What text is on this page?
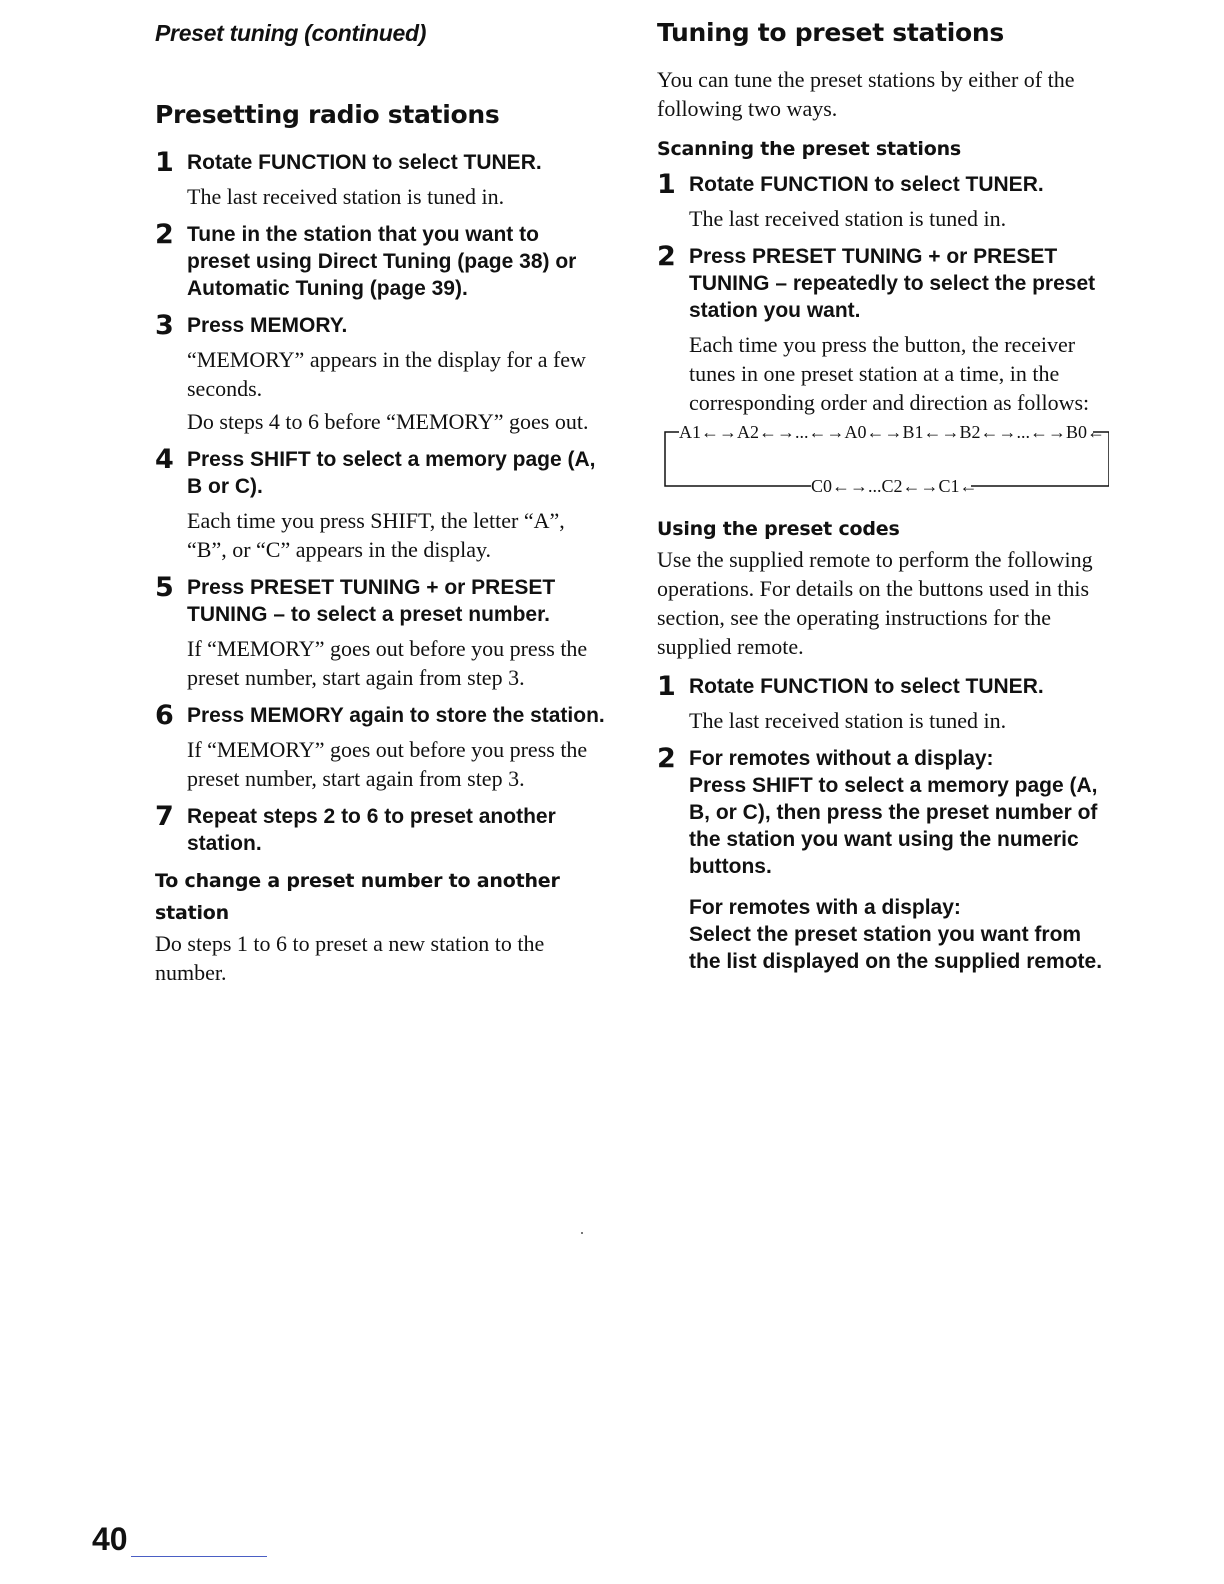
Preset tuning (continued)
Presetting radio stations
1 Rotate FUNCTION to select TUNER.

The last received station is tuned in.

2 Tune in the station that you want to preset using Direct Tuning (page 38) or Automatic Tuning (page 39).

3 Press MEMORY.

“MEMORY” appears in the display for a few seconds.

Do steps 4 to 6 before “MEMORY” goes out.

4 Press SHIFT to select a memory page (A, B or C).

Each time you press SHIFT, the letter “A”, “B”, or “C” appears in the display.

5 Press PRESET TUNING + or PRESET TUNING – to select a preset number.

If “MEMORY” goes out before you press the preset number, start again from step 3.

6 Press MEMORY again to store the station.

If “MEMORY” goes out before you press the preset number, start again from step 3.

7 Repeat steps 2 to 6 to preset another station.

To change a preset number to another station

Do steps 1 to 6 to preset a new station to the number.

Tuning to preset stations

You can tune the preset stations by either of the following two ways.

Scanning the preset stations
1 Rotate FUNCTION to select TUNER.

The last received station is tuned in.

2 Press PRESET TUNING + or PRESET TUNING – repeatedly to select the preset station you want.

Each time you press the button, the receiver tunes in one preset station at a time, in the corresponding order and direction as follows:

A1←→A2←→...←→A0←→B1←→B2←→...←→B0←
C0←→...C2←→C1←
Using the preset codes

Use the supplied remote to perform the following operations. For details on the buttons used in this section, see the operating instructions for the supplied remote.

1 Rotate FUNCTION to select TUNER.

The last received station is tuned in.

2 For remotes without a display:

Press SHIFT to select a memory page (A, B, or C), then press the preset number of the station you want using the numeric buttons.

For remotes with a display:

Select the preset station you want from the list displayed on the supplied remote.

40
